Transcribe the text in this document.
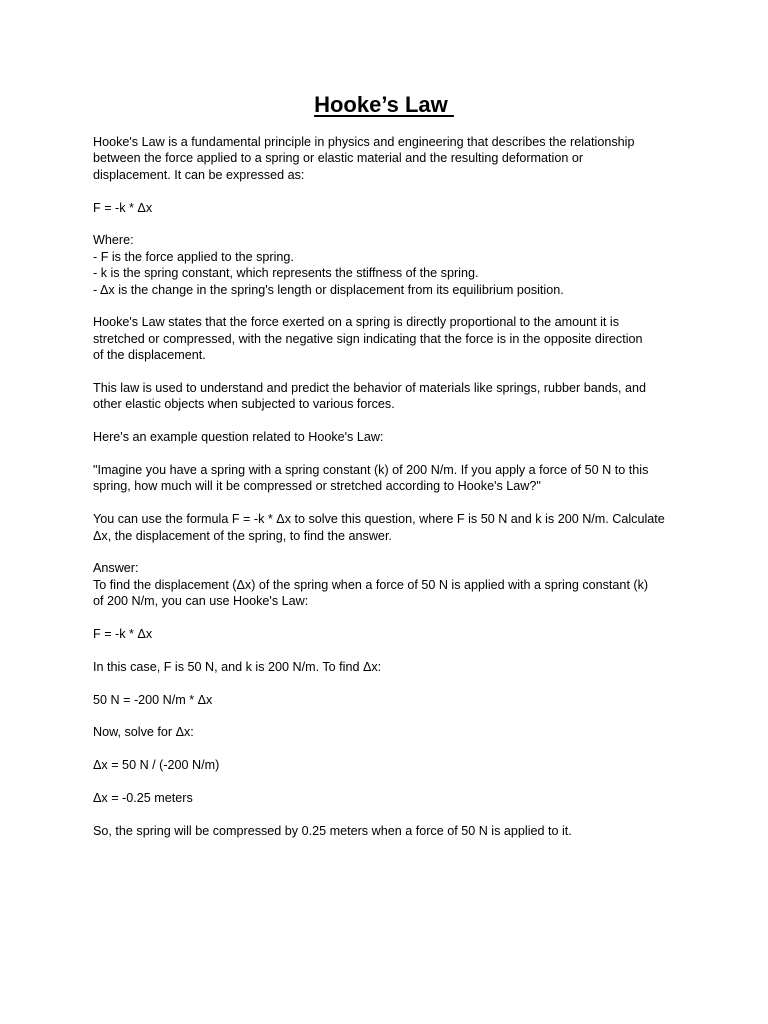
Hooke’s Law

Hooke's Law is a fundamental principle in physics and engineering that describes the relationship

between the force applied to a spring or elastic material and the resulting deformation or

displacement. It can be expressed as:

F = -k * Δx

Where:

- F is the force applied to the spring.

- k is the spring constant, which represents the stiffness of the spring.

- Δx is the change in the spring's length or displacement from its equilibrium position.

Hooke's Law states that the force exerted on a spring is directly proportional to the amount it is

stretched or compressed, with the negative sign indicating that the force is in the opposite direction

of the displacement.

This law is used to understand and predict the behavior of materials like springs, rubber bands, and

other elastic objects when subjected to various forces.

Here's an example question related to Hooke's Law:

"Imagine you have a spring with a spring constant (k) of 200 N/m. If you apply a force of 50 N to this

spring, how much will it be compressed or stretched according to Hooke's Law?"

You can use the formula F = -k * Δx to solve this question, where F is 50 N and k is 200 N/m. Calculate

Δx, the displacement of the spring, to find the answer.

Answer:

To find the displacement (Δx) of the spring when a force of 50 N is applied with a spring constant (k)

of 200 N/m, you can use Hooke's Law:

F = -k * Δx

In this case, F is 50 N, and k is 200 N/m. To find Δx:

50 N = -200 N/m * Δx

Now, solve for Δx:

Δx = 50 N / (-200 N/m)

Δx = -0.25 meters

So, the spring will be compressed by 0.25 meters when a force of 50 N is applied to it.
